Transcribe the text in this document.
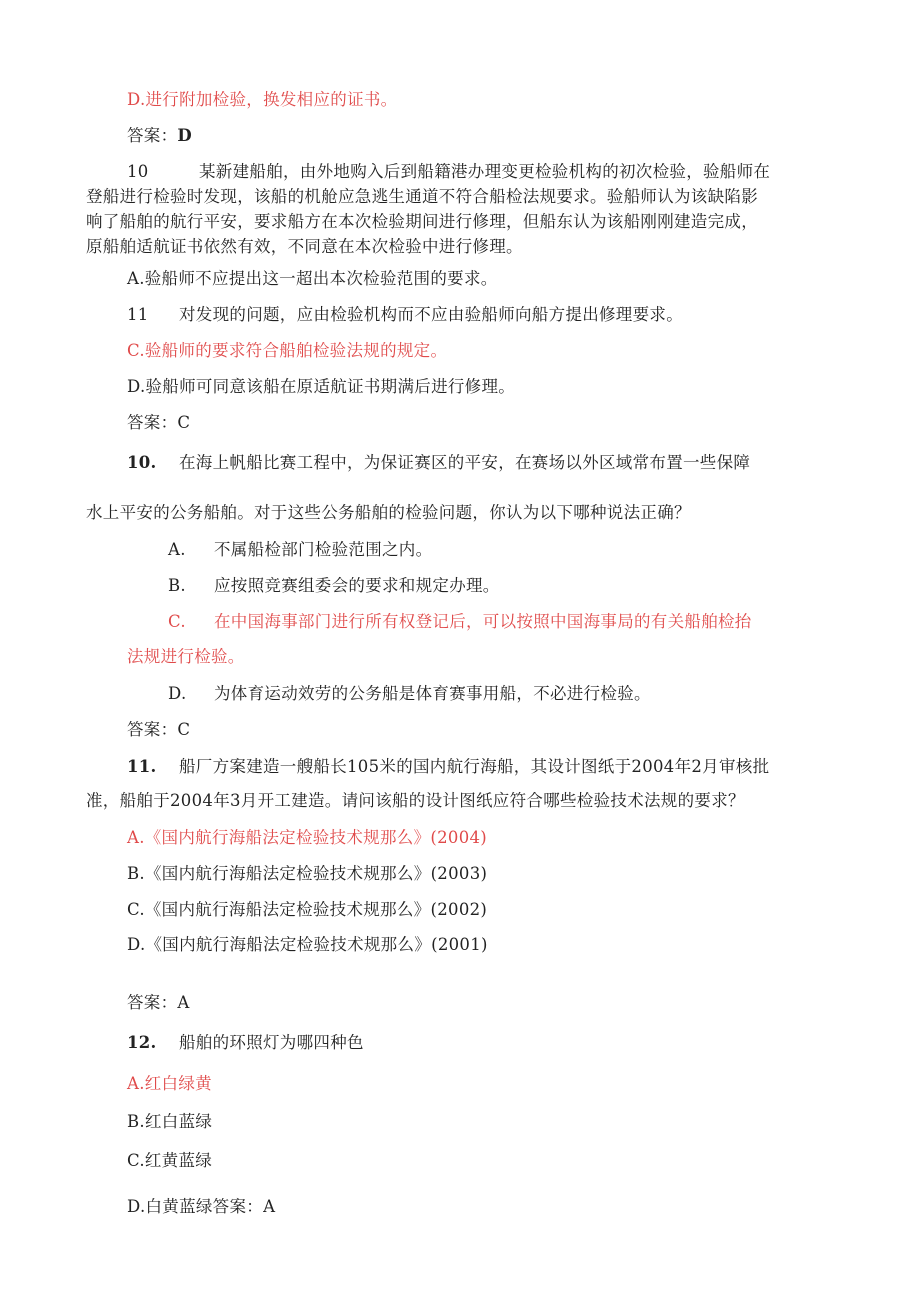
D.进行附加检验，换发相应的证书。
答案：D
10	某新建船舶，由外地购入后到船籍港办理变更检验机构的初次检验，验船师在
登船进行检验时发现，该船的机舱应急逃生通道不符合船检法规要求。验船师认为该缺陷影
响了船舶的航行平安，要求船方在本次检验期间进行修理，但船东认为该船刚刚建造完成，
原船舶适航证书依然有效，不同意在本次检验中进行修理。
A.验船师不应提出这一超出本次检验范围的要求。
11 对发现的问题，应由检验机构而不应由验船师向船方提出修理要求。
C.验船师的要求符合船舶检验法规的规定。
D.验船师可同意该船在原适航证书期满后进行修理。
答案：C
10. 在海上帆船比赛工程中，为保证赛区的平安，在赛场以外区域常布置一些保障
水上平安的公务船舶。对于这些公务船舶的检验问题，你认为以下哪种说法正确？
A. 不属船检部门检验范围之内。
B. 应按照竞赛组委会的要求和规定办理。
C. 在中国海事部门进行所有权登记后，可以按照中国海事局的有关船舶检抬
法规进行检验。
D. 为体育运动效劳的公务船是体育赛事用船，不必进行检验。
答案：C
11. 船厂方案建造一艘船长105米的国内航行海船，其设计图纸于2004年2月审核批
准，船舶于2004年3月开工建造。请问该船的设计图纸应符合哪些检验技术法规的要求？
A.《国内航行海船法定检验技术规那么》(2004)
B.《国内航行海船法定检验技术规那么》(2003)
C.《国内航行海船法定检验技术规那么》(2002)
D.《国内航行海船法定检验技术规那么》(2001)
答案：A
12. 船舶的环照灯为哪四种色
A.红白绿黄
B.红白蓝绿
C.红黄蓝绿
D.白黄蓝绿答案：A
